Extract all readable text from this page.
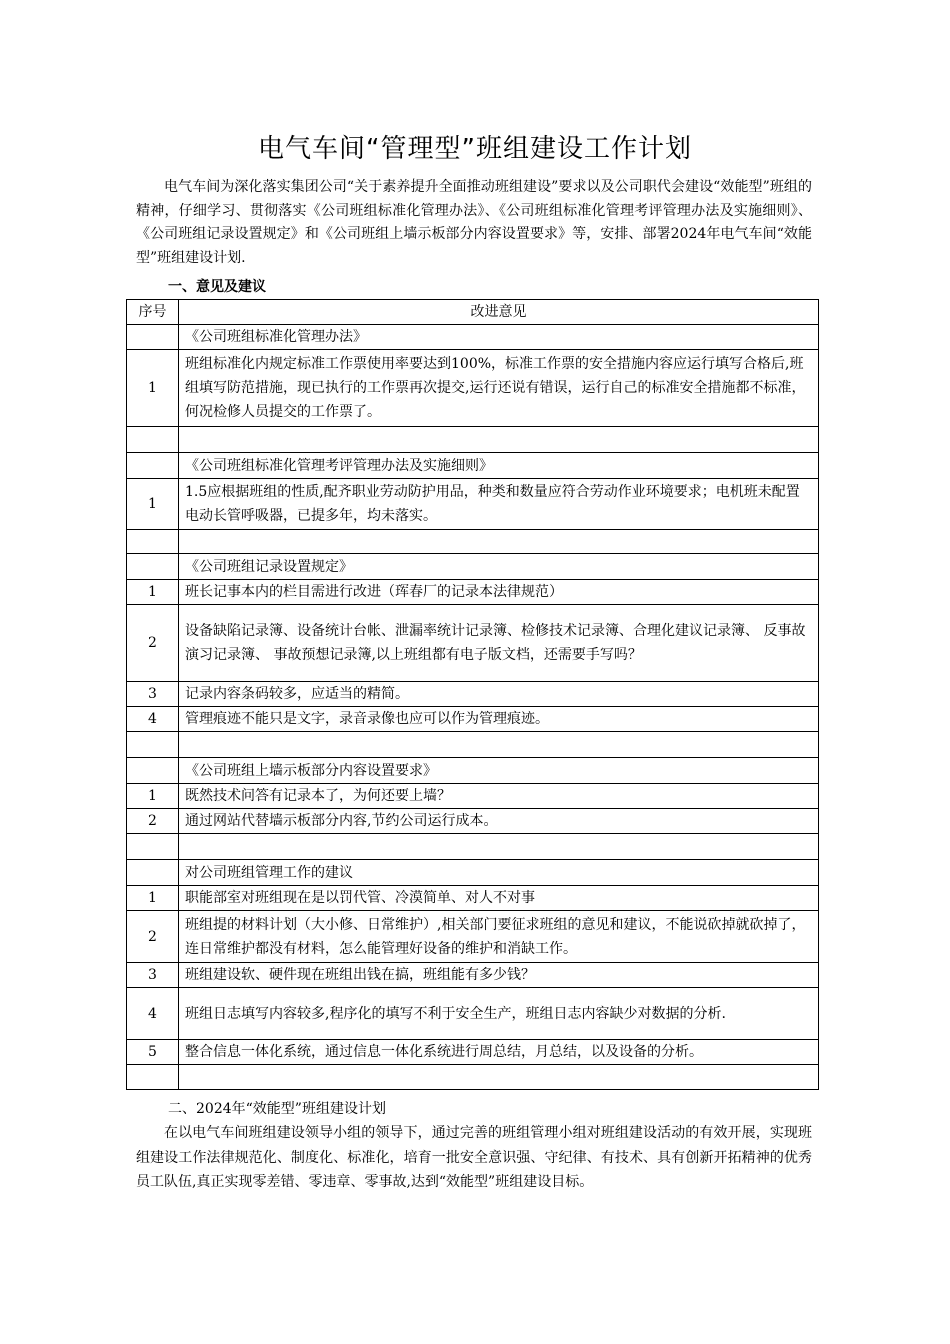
电气车间“管理型”班组建设工作计划
电气车间为深化落实集团公司“关于素养提升全面推动班组建设”要求以及公司职代会建设“效能型”班组的精神，仔细学习、贯彻落实《公司班组标准化管理办法》、《公司班组标准化管理考评管理办法及实施细则》、《公司班组记录设置规定》和《公司班组上墙示板部分内容设置要求》等，安排、部署2024年电气车间“效能型”班组建设计划.
一、意见及建议
序号	改进意见
	《公司班组标准化管理办法》
1	班组标准化内规定标准工作票使用率要达到100%，标准工作票的安全措施内容应运行填写合格后,班组填写防范措施，现已执行的工作票再次提交,运行还说有错误，运行自己的标准安全措施都不标准，何况检修人员提交的工作票了。

	《公司班组标准化管理考评管理办法及实施细则》
1	1.5应根据班组的性质,配齐职业劳动防护用品，种类和数量应符合劳动作业环境要求；电机班未配置电动长管呼吸器，已提多年，均未落实。

	《公司班组记录设置规定》
1	班长记事本内的栏目需进行改进（珲春厂的记录本法律规范）
2	设备缺陷记录簿、设备统计台帐、泄漏率统计记录簿、检修技术记录簿、合理化建议记录簿、 反事故演习记录簿、 事故预想记录簿,以上班组都有电子版文档，还需要手写吗？
3	记录内容条码较多，应适当的精简。
4	管理痕迹不能只是文字，录音录像也应可以作为管理痕迹。

	《公司班组上墙示板部分内容设置要求》
1	既然技术问答有记录本了，为何还要上墙？
2	通过网站代替墙示板部分内容,节约公司运行成本。

	对公司班组管理工作的建议
1	职能部室对班组现在是以罚代管、冷漠简单、对人不对事
2	班组提的材料计划（大小修、日常维护）,相关部门要征求班组的意见和建议，不能说砍掉就砍掉了，连日常维护都没有材料，怎么能管理好设备的维护和消缺工作。
3	班组建设软、硬件现在班组出钱在搞，班组能有多少钱？
4	班组日志填写内容较多,程序化的填写不利于安全生产，班组日志内容缺少对数据的分析.
5	整合信息一体化系统，通过信息一体化系统进行周总结，月总结，以及设备的分析。

二、2024年“效能型”班组建设计划
在以电气车间班组建设领导小组的领导下，通过完善的班组管理小组对班组建设活动的有效开展，实现班组建设工作法律规范化、制度化、标准化，培育一批安全意识强、守纪律、有技术、具有创新开拓精神的优秀员工队伍,真正实现零差错、零违章、零事故,达到“效能型”班组建设目标。
